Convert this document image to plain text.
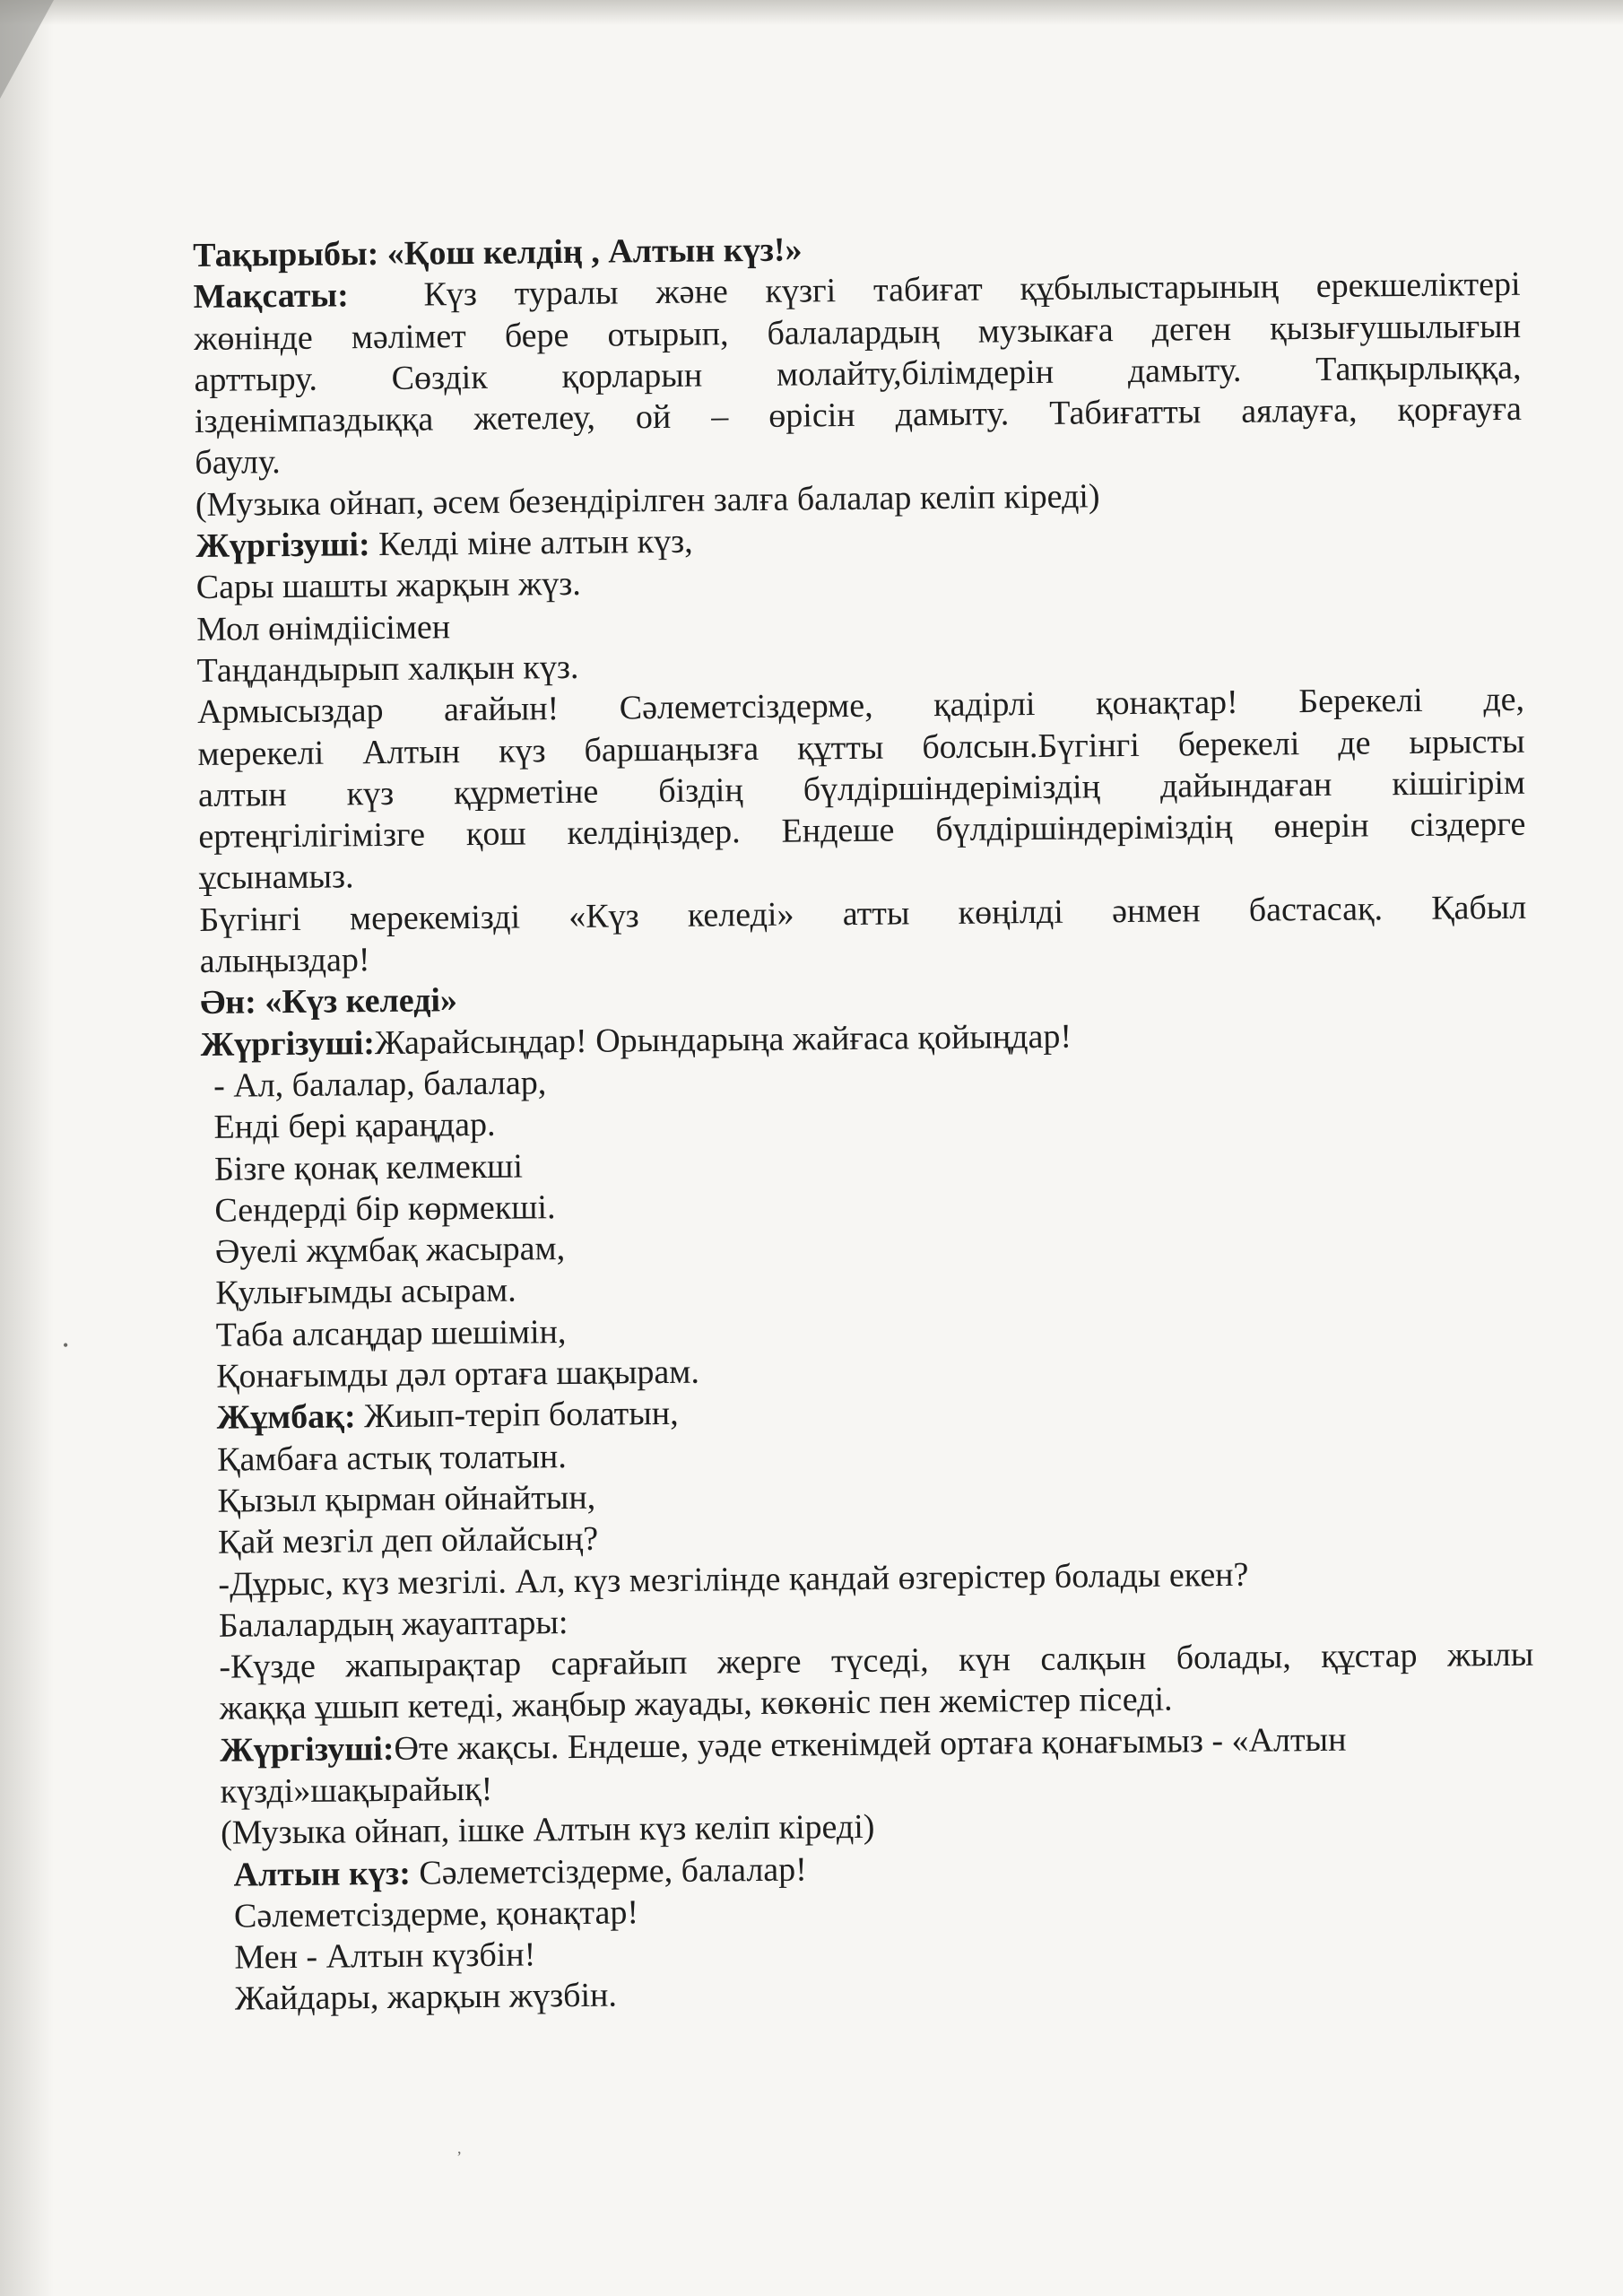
Тақырыбы: «Қош келдің , Алтын күз!»
Мақсаты: Күз туралы және күзгі табиғат құбылыстарының ерекшеліктері
жөнінде мәлімет бере отырып, балалардың музыкаға деген қызығушылығын
арттыру. Сөздік қорларын молайту,білімдерін дамыту. Тапқырлыққа,
ізденімпаздыққа жетелеу, ой – өрісін дамыту. Табиғатты аялауға, қорғауға
баулу.
(Музыка ойнап, әсем безендірілген залға балалар келіп кіреді)
Жүргізуші: Келді міне алтын күз,
Сары шашты жарқын жүз.
Мол өнімдіісімен
Таңдандырып халқын күз.
Армысыздар ағайын! Сәлеметсіздерме, қадірлі қонақтар! Берекелі де,
мерекелі Алтын күз баршаңызға құтты болсын.Бүгінгі берекелі де ырысты
алтын күз құрметіне біздің бүлдіршіндеріміздің дайындаған кішігірім
ертеңгілігімізге қош келдіңіздер. Ендеше бүлдіршіндеріміздің өнерін сіздерге
ұсынамыз.
Бүгінгі мерекемізді «Күз келеді» атты көңілді әнмен бастасақ. Қабыл
алыңыздар!
Ән: «Күз келеді»
Жүргізуші:Жарайсыңдар! Орындарыңа жайғаса қойыңдар!
- Ал, балалар, балалар,
Енді бері қараңдар.
Бізге қонақ келмекші
Сендерді бір көрмекші.
Әуелі жұмбақ жасырам,
Қулығымды асырам.
Таба алсаңдар шешімін,
Қонағымды дәл ортаға шақырам.
Жұмбақ: Жиып-теріп болатын,
Қамбаға астық толатын.
Қызыл қырман ойнайтын,
Қай мезгіл деп ойлайсың?
-Дұрыс, күз мезгілі. Ал, күз мезгілінде қандай өзгерістер болады екен?
Балалардың жауаптары:
-Күзде жапырақтар сарғайып жерге түседі, күн салқын болады, құстар жылы
жаққа ұшып кетеді, жаңбыр жауады, көкөніс пен жемістер піседі.
Жүргізуші:Өте жақсы. Ендеше, уәде еткенімдей ортаға қонағымыз - «Алтын
күзді»шақырайық!
(Музыка ойнап, ішке Алтын күз келіп кіреді)
Алтын күз: Сәлеметсіздерме, балалар!
Сәлеметсіздерме, қонақтар!
Мен - Алтын күзбін!
Жайдары, жарқын жүзбін.
•
,
